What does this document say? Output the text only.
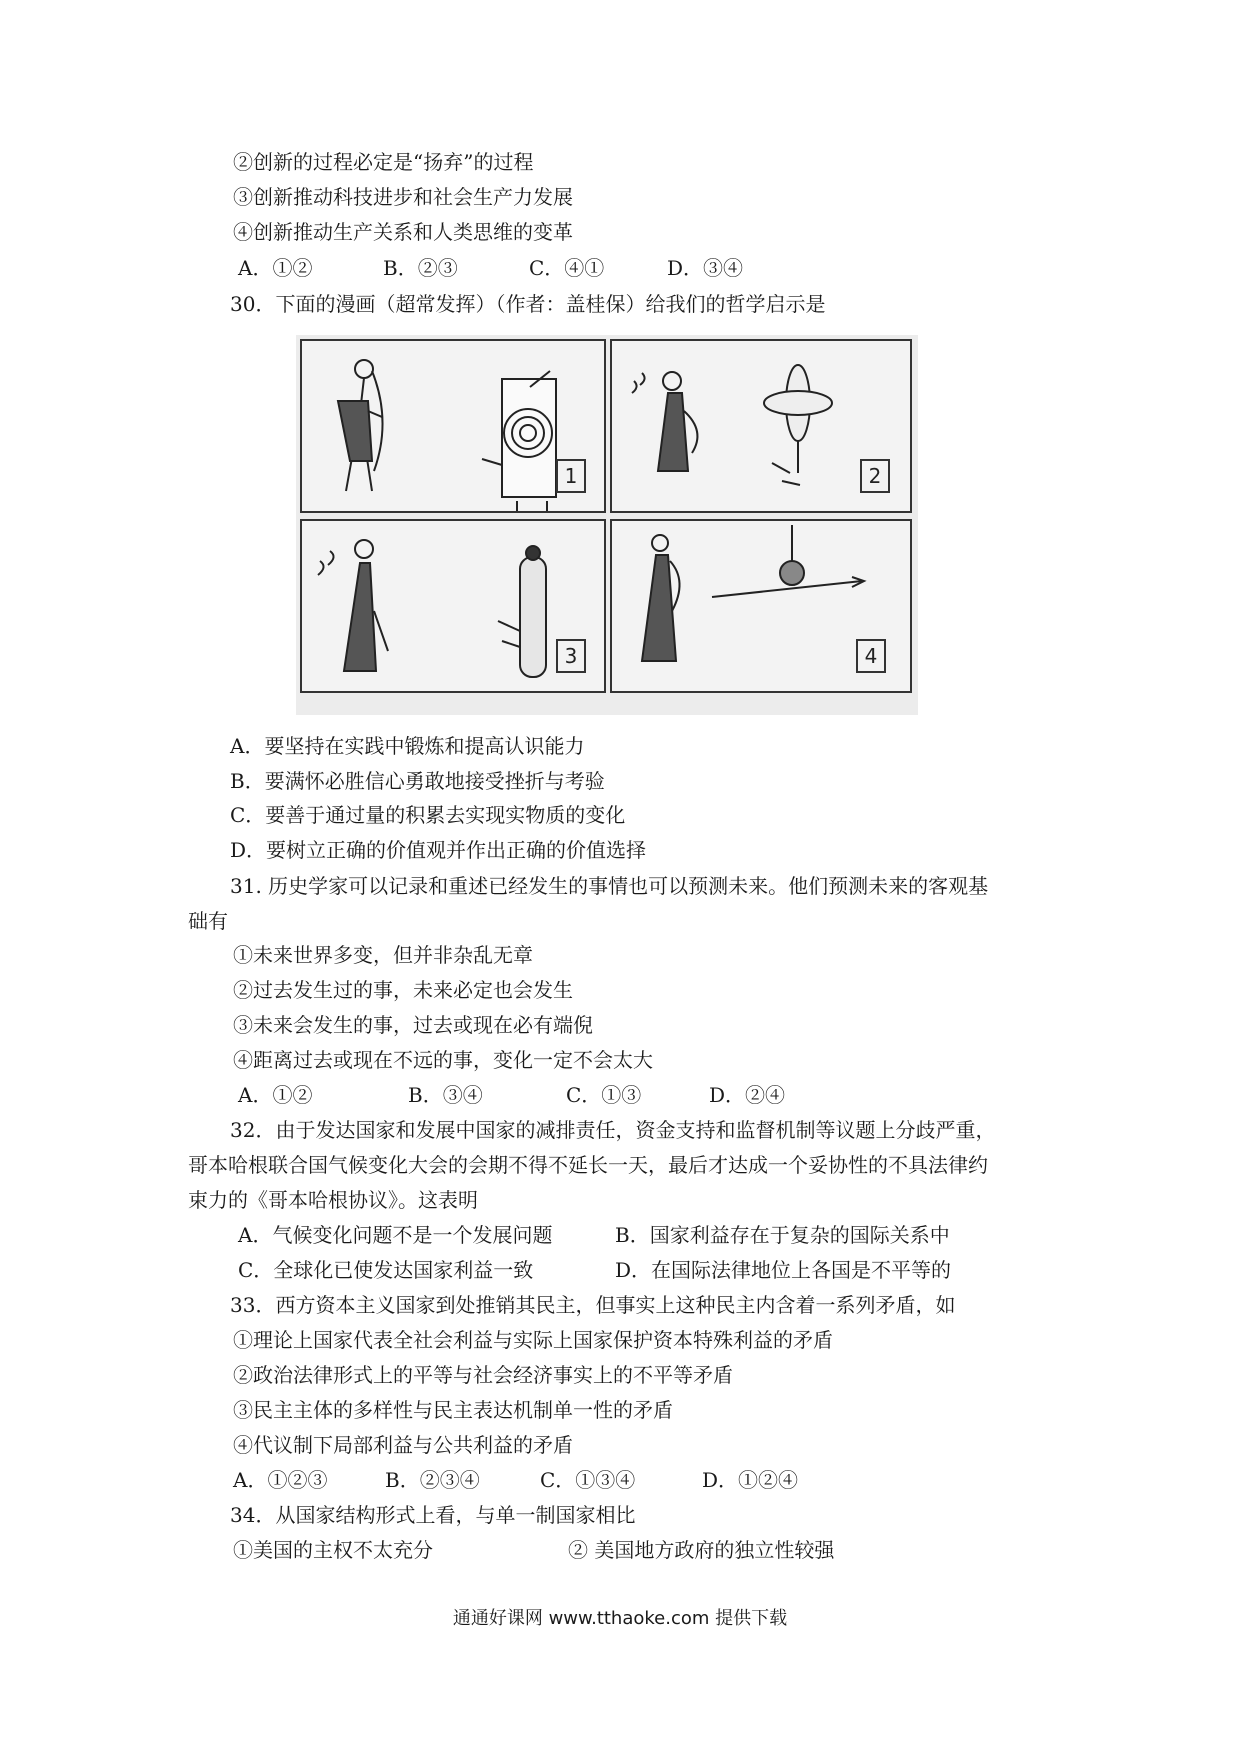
②创新的过程必定是“扬弃”的过程
③创新推动科技进步和社会生产力发展
④创新推动生产关系和人类思维的变革
A．①②	B．②③	C．④①	D．③④
30．下面的漫画（超常发挥）（作者：盖桂保）给我们的哲学启示是
1	2
3	4
A．要坚持在实践中锻炼和提高认识能力
B．要满怀必胜信心勇敢地接受挫折与考验
C．要善于通过量的积累去实现实物质的变化
D．要树立正确的价值观并作出正确的价值选择
31. 历史学家可以记录和重述已经发生的事情也可以预测未来。他们预测未来的客观基
础有
①未来世界多变，但并非杂乱无章
②过去发生过的事，未来必定也会发生
③未来会发生的事，过去或现在必有端倪
④距离过去或现在不远的事，变化一定不会太大
A．①②	B．③④	C．①③	D．②④
32．由于发达国家和发展中国家的减排责任，资金支持和监督机制等议题上分歧严重，
哥本哈根联合国气候变化大会的会期不得不延长一天，最后才达成一个妥协性的不具法律约
束力的《哥本哈根协议》。这表明
A．气候变化问题不是一个发展问题	B．国家利益存在于复杂的国际关系中
C．全球化已使发达国家利益一致	D．在国际法律地位上各国是不平等的
33．西方资本主义国家到处推销其民主，但事实上这种民主内含着一系列矛盾，如
①理论上国家代表全社会利益与实际上国家保护资本特殊利益的矛盾
②政治法律形式上的平等与社会经济事实上的不平等矛盾
③民主主体的多样性与民主表达机制单一性的矛盾
④代议制下局部利益与公共利益的矛盾
A．①②③	B．②③④	C．①③④	D．①②④
34．从国家结构形式上看，与单一制国家相比
①美国的主权不太充分	② 美国地方政府的独立性较强
通通好课网 www.tthaoke.com 提供下载
